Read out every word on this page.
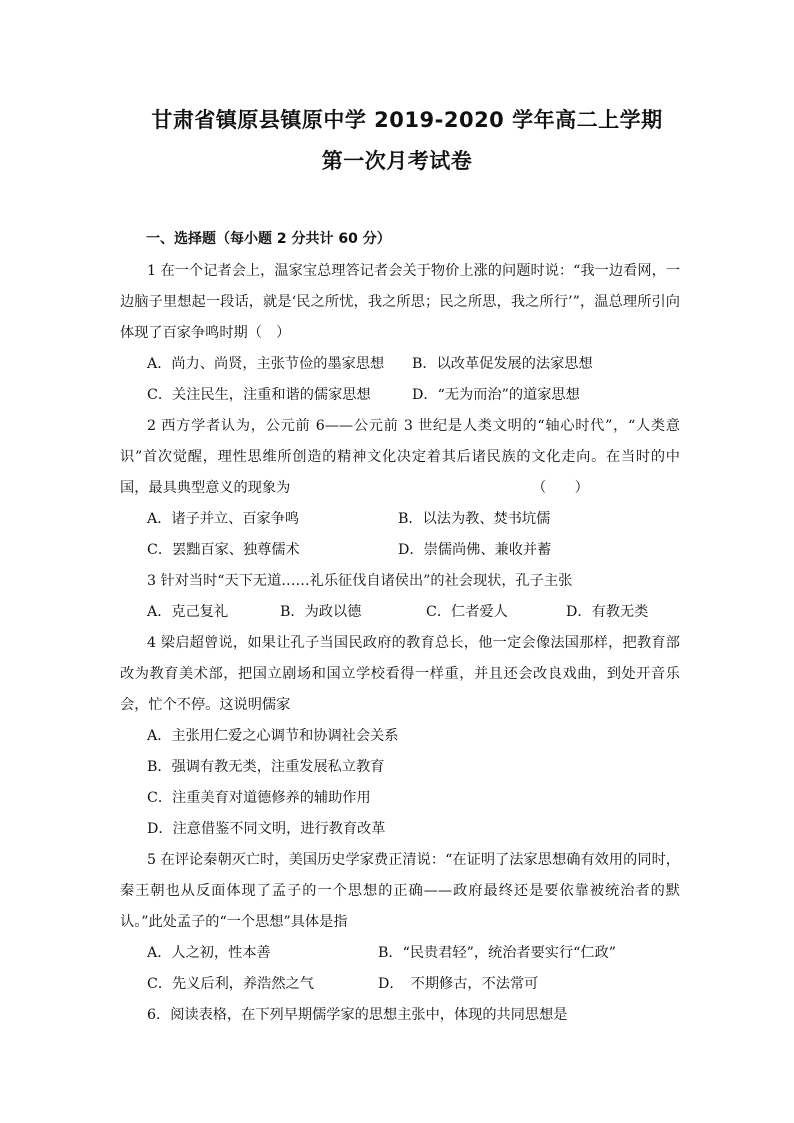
甘肃省镇原县镇原中学 2019-2020 学年高二上学期
第一次月考试卷
一、选择题（每小题 2 分共计 60 分）

1 在一个记者会上，温家宝总理答记者会关于物价上涨的问题时说：“我一边看网，一边脑子里想起一段话，就是‘民之所忧，我之所思；民之所思，我之所行’”，温总理所引向体现了百家争鸣时期（　）

A．尚力、尚贤，主张节俭的墨家思想 B．以改革促发展的法家思想
C．关注民生，注重和谐的儒家思想	D．“无为而治”的道家思想

2 西方学者认为，公元前 6——公元前 3 世纪是人类文明的“轴心时代”，“人类意识”首次觉醒，理性思维所创造的精神文化决定着其后诸民族的文化走向。在当时的中国，最具典型意义的现象为	（　　）
A．诸子并立、百家争鸣	B．以法为教、焚书坑儒
C．罢黜百家、独尊儒术	D．崇儒尚佛、兼收并蓄

3 针对当时“天下无道……礼乐征伐自诸侯出”的社会现状，孔子主张

A．克己复礼	B．为政以德	C．仁者爱人	D．有教无类

4 梁启超曾说，如果让孔子当国民政府的教育总长，他一定会像法国那样，把教育部改为教育美术部，把国立剧场和国立学校看得一样重，并且还会改良戏曲，到处开音乐会，忙个不停。这说明儒家

A．主张用仁爱之心调节和协调社会关系
B．强调有教无类，注重发展私立教育
C．注重美育对道德修养的辅助作用
D．注意借鉴不同文明，进行教育改革

5 在评论秦朝灭亡时，美国历史学家费正清说：“在证明了法家思想确有效用的同时，秦王朝也从反面体现了孟子的一个思想的正确——政府最终还是要依靠被统治者的默认。”此处孟子的“一个思想”具体是指

A．人之初，性本善	B．“民贵君轻”，统治者要实行“仁政”
C．先义后利，养浩然之气	D．　不期修古，不法常可

6．阅读表格，在下列早期儒学家的思想主张中，体现的共同思想是
